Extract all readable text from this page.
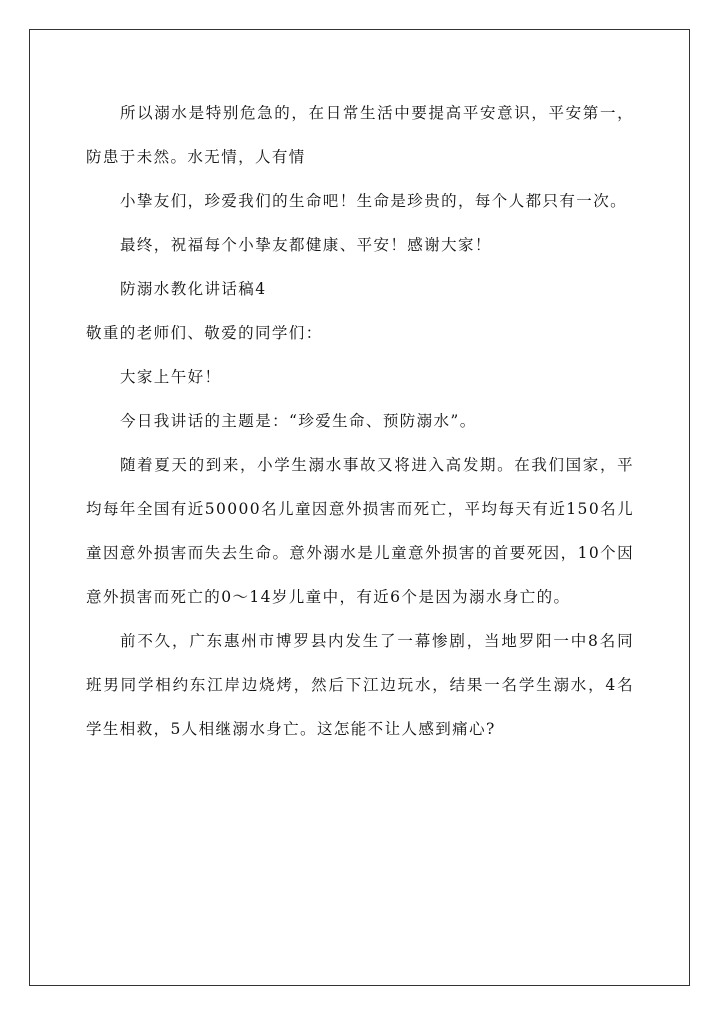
所以溺水是特别危急的，在日常生活中要提高平安意识，平安第一，防患于未然。水无情，人有情

小挚友们，珍爱我们的生命吧！生命是珍贵的，每个人都只有一次。

最终，祝福每个小挚友都健康、平安！感谢大家！

防溺水教化讲话稿4

敬重的老师们、敬爱的同学们：

大家上午好！

今日我讲话的主题是：“珍爱生命、预防溺水”。

随着夏天的到来，小学生溺水事故又将进入高发期。在我们国家，平均每年全国有近50000名儿童因意外损害而死亡，平均每天有近150名儿童因意外损害而失去生命。意外溺水是儿童意外损害的首要死因，10个因意外损害而死亡的0～14岁儿童中，有近6个是因为溺水身亡的。

前不久，广东惠州市博罗县内发生了一幕惨剧，当地罗阳一中8名同班男同学相约东江岸边烧烤，然后下江边玩水，结果一名学生溺水，4名学生相救，5人相继溺水身亡。这怎能不让人感到痛心?
